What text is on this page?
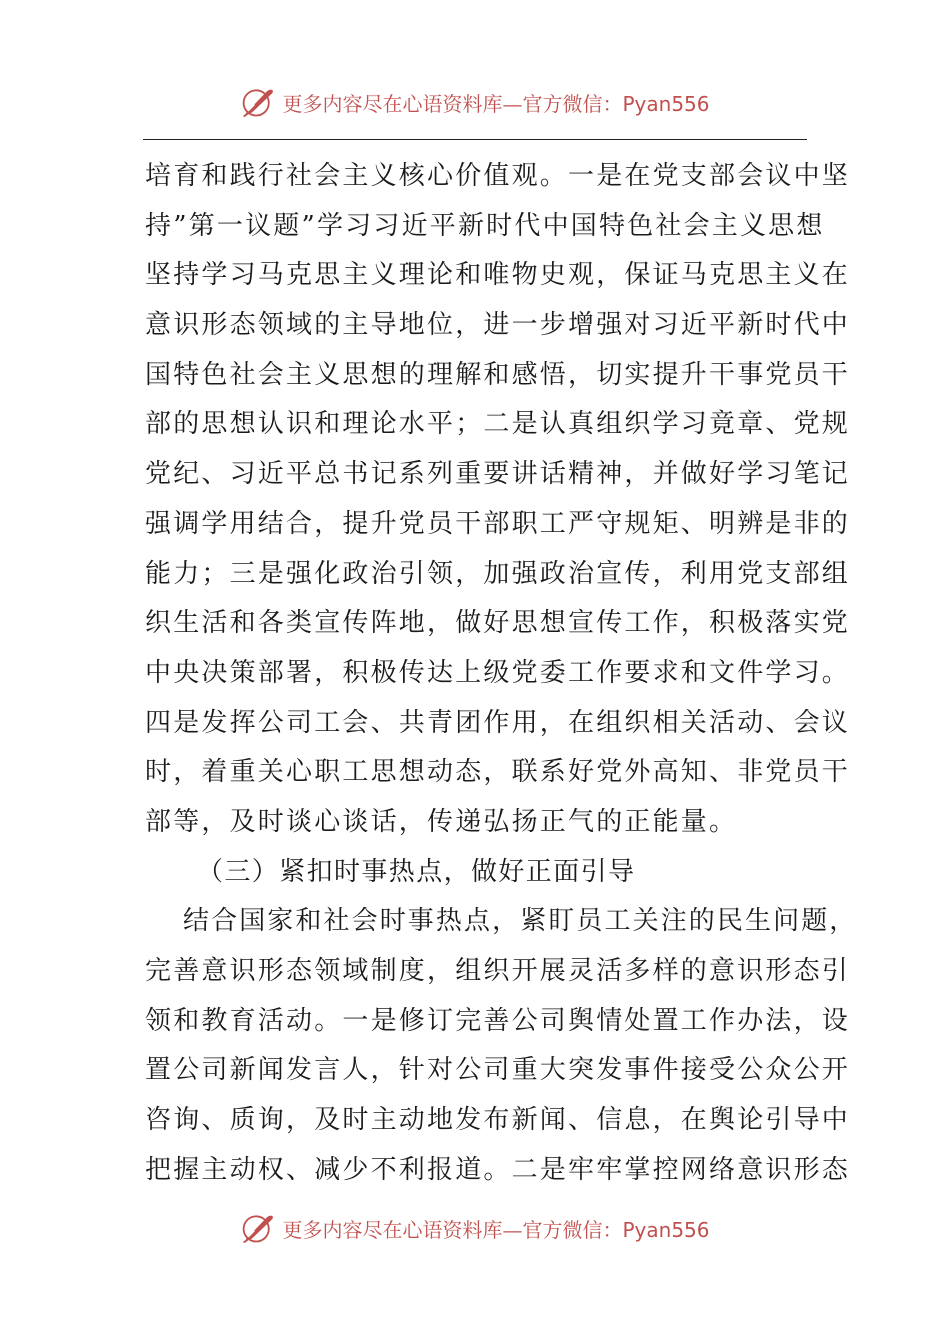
更多内容尽在心语资料库—官方微信：Pyan556
培育和践行社会主义核心价值观。一是在党支部会议中坚
持”第一议题”学习习近平新时代中国特色社会主义思想
坚持学习马克思主义理论和唯物史观，保证马克思主义在
意识形态领域的主导地位，进一步增强对习近平新时代中
国特色社会主义思想的理解和感悟，切实提升干事党员干
部的思想认识和理论水平；二是认真组织学习竟章、党规
党纪、习近平总书记系列重要讲话精神，并做好学习笔记
强调学用结合，提升党员干部职工严守规矩、明辨是非的
能力；三是强化政治引领，加强政治宣传，利用党支部组
织生活和各类宣传阵地，做好思想宣传工作，积极落实党
中央决策部署，积极传达上级党委工作要求和文件学习。
四是发挥公司工会、共青团作用，在组织相关活动、会议
时，着重关心职工思想动态，联系好党外高知、非党员干
部等，及时谈心谈话，传递弘扬正气的正能量。
（三）紧扣时事热点，做好正面引导
结合国家和社会时事热点，紧盯员工关注的民生问题，
完善意识形态领域制度，组织开展灵活多样的意识形态引
领和教育活动。一是修订完善公司舆情处置工作办法，设
置公司新闻发言人，针对公司重大突发事件接受公众公开
咨询、质询，及时主动地发布新闻、信息，在舆论引导中
把握主动权、减少不利报道。二是牢牢掌控网络意识形态
更多内容尽在心语资料库—官方微信：Pyan556
